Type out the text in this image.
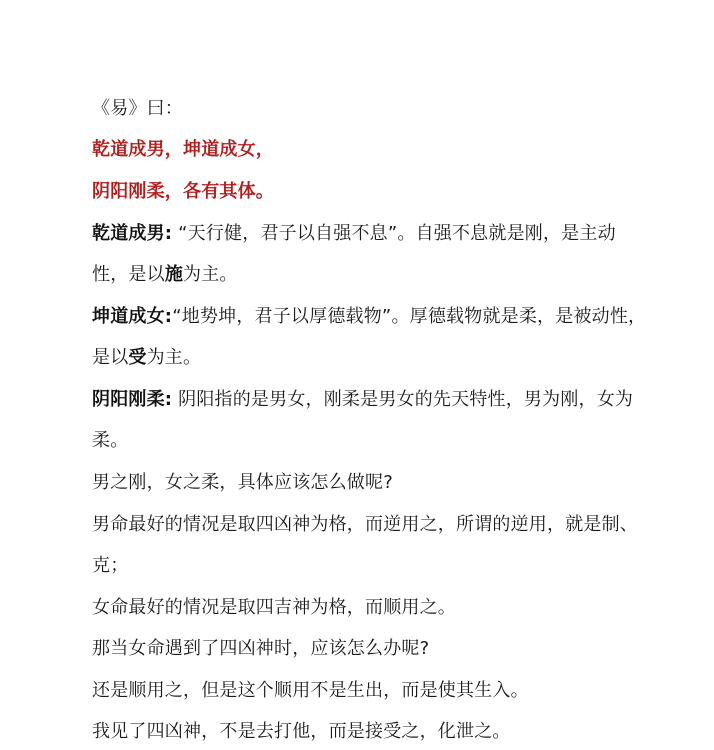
《易》曰：
乾道成男，坤道成女，
阴阳刚柔，各有其体。
乾道成男: “天行健，君子以自强不息”。自强不息就是刚，是主动
性，是以施为主。
坤道成女:“地势坤，君子以厚德载物”。厚德载物就是柔，是被动性，
是以受为主。
阴阳刚柔: 阴阳指的是男女，刚柔是男女的先天特性，男为刚，女为
柔。
男之刚，女之柔，具体应该怎么做呢?
男命最好的情况是取四凶神为格，而逆用之，所谓的逆用，就是制、
克；
女命最好的情况是取四吉神为格，而顺用之。
那当女命遇到了四凶神时，应该怎么办呢?
还是顺用之，但是这个顺用不是生出，而是使其生入。
我见了四凶神，不是去打他，而是接受之，化泄之。
